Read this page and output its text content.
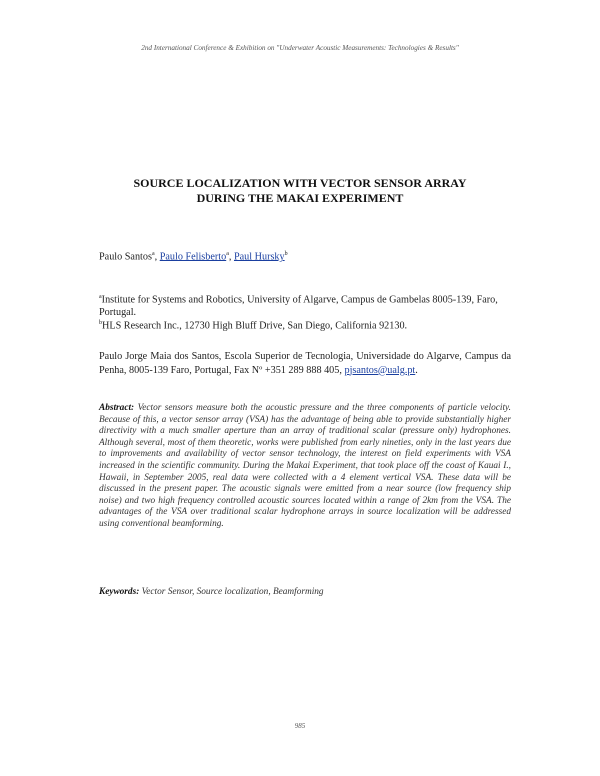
2nd International Conference & Exhibition on "Underwater Acoustic Measurements: Technologies & Results"
SOURCE LOCALIZATION WITH VECTOR SENSOR ARRAY
DURING THE MAKAI EXPERIMENT
Paulo Santos$^a$, Paulo Felisberto$^a$, Paul Hursky$^b$
$^a$Institute for Systems and Robotics, University of Algarve, Campus de Gambelas 8005-139, Faro, Portugal.
$^b$HLS Research Inc., 12730 High Bluff Drive, San Diego, California 92130.
Paulo Jorge Maia dos Santos, Escola Superior de Tecnologia, Universidade do Algarve, Campus da Penha, 8005-139 Faro, Portugal, Fax Nº +351 289 888 405, pjsantos@ualg.pt.
Abstract: Vector sensors measure both the acoustic pressure and the three components of particle velocity. Because of this, a vector sensor array (VSA) has the advantage of being able to provide substantially higher directivity with a much smaller aperture than an array of traditional scalar (pressure only) hydrophones. Although several, most of them theoretic, works were published from early nineties, only in the last years due to improvements and availability of vector sensor technology, the interest on field experiments with VSA increased in the scientific community. During the Makai Experiment, that took place off the coast of Kauai I., Hawaii, in September 2005, real data were collected with a 4 element vertical VSA. These data will be discussed in the present paper. The acoustic signals were emitted from a near source (low frequency ship noise) and two high frequency controlled acoustic sources located within a range of 2km from the VSA. The advantages of the VSA over traditional scalar hydrophone arrays in source localization will be addressed using conventional beamforming.
Keywords: Vector Sensor, Source localization, Beamforming
985
